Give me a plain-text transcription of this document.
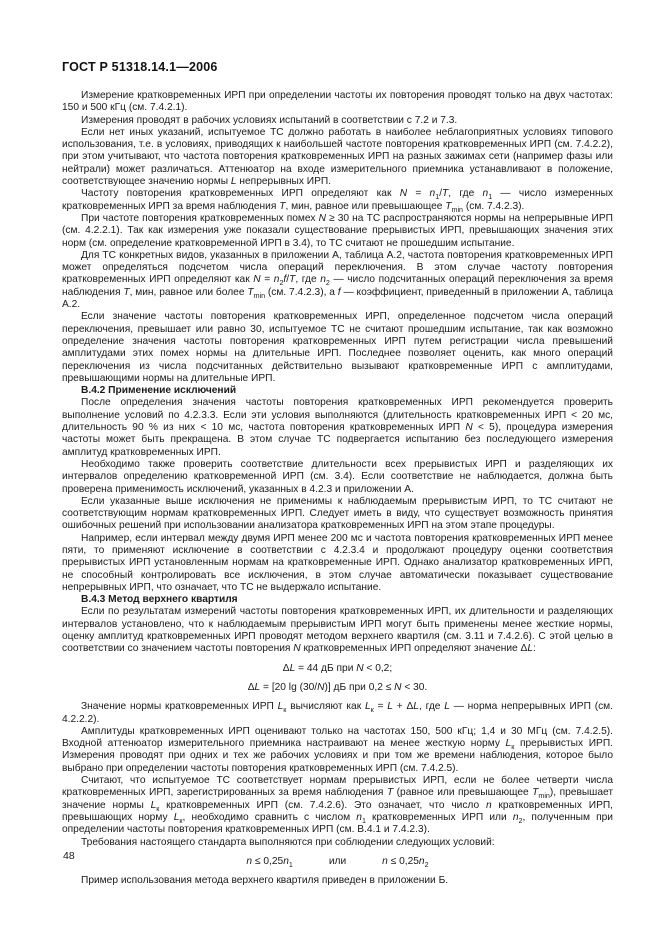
ГОСТ Р 51318.14.1—2006
Измерение кратковременных ИРП при определении частоты их повторения проводят только на двух частотах: 150 и 500 кГц (см. 7.4.2.1).
Измерения проводят в рабочих условиях испытаний в соответствии с 7.2 и 7.3.
Если нет иных указаний, испытуемое ТС должно работать в наиболее неблагоприятных условиях типового использования, т.е. в условиях, приводящих к наибольшей частоте повторения кратковременных ИРП (см. 7.4.2.2), при этом учитывают, что частота повторения кратковременных ИРП на разных зажимах сети (например фазы или нейтрали) может различаться. Аттенюатор на входе измерительного приемника устанавливают в положение, соответствующее значению нормы L непрерывных ИРП.
Частоту повторения кратковременных ИРП определяют как $N = n_1/T$, где $n_1$ — число измеренных кратковременных ИРП за время наблюдения T, мин, равное или превышающее $T_{min}$ (см. 7.4.2.3).
При частоте повторения кратковременных помех N ≥ 30 на ТС распространяются нормы на непрерывные ИРП (см. 4.2.2.1). Так как измерения уже показали существование прерывистых ИРП, превышающих значения этих норм (см. определение кратковременной ИРП в 3.4), то ТС считают не прошедшим испытание.
Для ТС конкретных видов, указанных в приложении А, таблица А.2, частота повторения кратковременных ИРП может определяться подсчетом числа операций переключения. В этом случае частоту повторения кратковременных ИРП определяют как $N = n_2f/T$, где $n_2$ — число подсчитанных операций переключения за время наблюдения T, мин, равное или более $T_{min}$ (см. 7.4.2.3), а f — коэффициент, приведенный в приложении А, таблица А.2.
Если значение частоты повторения кратковременных ИРП, определенное подсчетом числа операций переключения, превышает или равно 30, испытуемое ТС не считают прошедшим испытание, так как возможно определение значения частоты повторения кратковременных ИРП путем регистрации числа превышений амплитудами этих помех нормы на длительные ИРП. Последнее позволяет оценить, как много операций переключения из числа подсчитанных действительно вызывают кратковременные ИРП с амплитудами, превышающими нормы на длительные ИРП.
В.4.2 Применение исключений
После определения значения частоты повторения кратковременных ИРП рекомендуется проверить выполнение условий по 4.2.3.3. Если эти условия выполняются (длительность кратковременных ИРП < 20 мс, длительность 90 % из них < 10 мс, частота повторения кратковременных ИРП N < 5), процедура измерения частоты может быть прекращена. В этом случае ТС подвергается испытанию без последующего измерения амплитуд кратковременных ИРП.
Необходимо также проверить соответствие длительности всех прерывистых ИРП и разделяющих их интервалов определению кратковременной ИРП (см. 3.4). Если соответствие не наблюдается, должна быть проверена применимость исключений, указанных в 4.2.3 и приложении А.
Если указанные выше исключения не применимы к наблюдаемым прерывистым ИРП, то ТС считают не соответствующим нормам кратковременных ИРП. Следует иметь в виду, что существует возможность принятия ошибочных решений при использовании анализатора кратковременных ИРП на этом этапе процедуры.
Например, если интервал между двумя ИРП менее 200 мс и частота повторения кратковременных ИРП менее пяти, то применяют исключение в соответствии с 4.2.3.4 и продолжают процедуру оценки соответствия прерывистых ИРП установленным нормам на кратковременные ИРП. Однако анализатор кратковременных ИРП, не способный контролировать все исключения, в этом случае автоматически показывает существование непрерывных ИРП, что означает, что ТС не выдержало испытание.
В.4.3 Метод верхнего квартиля
Если по результатам измерений частоты повторения кратковременных ИРП, их длительности и разделяющих интервалов установлено, что к наблюдаемым прерывистым ИРП могут быть применены менее жесткие нормы, оценку амплитуд кратковременных ИРП проводят методом верхнего квартиля (см. 3.11 и 7.4.2.6). С этой целью в соответствии со значением частоты повторения N кратковременных ИРП определяют значение ΔL:
ΔL = 44 дБ при N < 0,2;
ΔL = [20 lg (30/N)] дБ при 0,2 ≤ N < 30.
Значение нормы кратковременных ИРП $L_к$ вычисляют как $L_к = L + \Delta L$, где L — норма непрерывных ИРП (см. 4.2.2.2).
Амплитуды кратковременных ИРП оценивают только на частотах 150, 500 кГц; 1,4 и 30 МГц (см. 7.4.2.5). Входной аттенюатор измерительного приемника настраивают на менее жесткую норму $L_к$ прерывистых ИРП. Измерения проводят при одних и тех же рабочих условиях и при том же времени наблюдения, которое было выбрано при определении частоты повторения кратковременных ИРП (см. 7.4.2.5).
Считают, что испытуемое ТС соответствует нормам прерывистых ИРП, если не более четверти числа кратковременных ИРП, зарегистрированных за время наблюдения T (равное или превышающее $T_{min}$), превышает значение нормы $L_к$ кратковременных ИРП (см. 7.4.2.6). Это означает, что число n кратковременных ИРП, превышающих норму $L_к$, необходимо сравнить с числом $n_1$ кратковременных ИРП или $n_2$, полученным при определении частоты повторения кратковременных ИРП (см. В.4.1 и 7.4.2.3).
Требования настоящего стандарта выполняются при соблюдении следующих условий:
$n \le 0,25n_1$	или	$n \le 0,25n_2$
Пример использования метода верхнего квартиля приведен в приложении Б.
48
